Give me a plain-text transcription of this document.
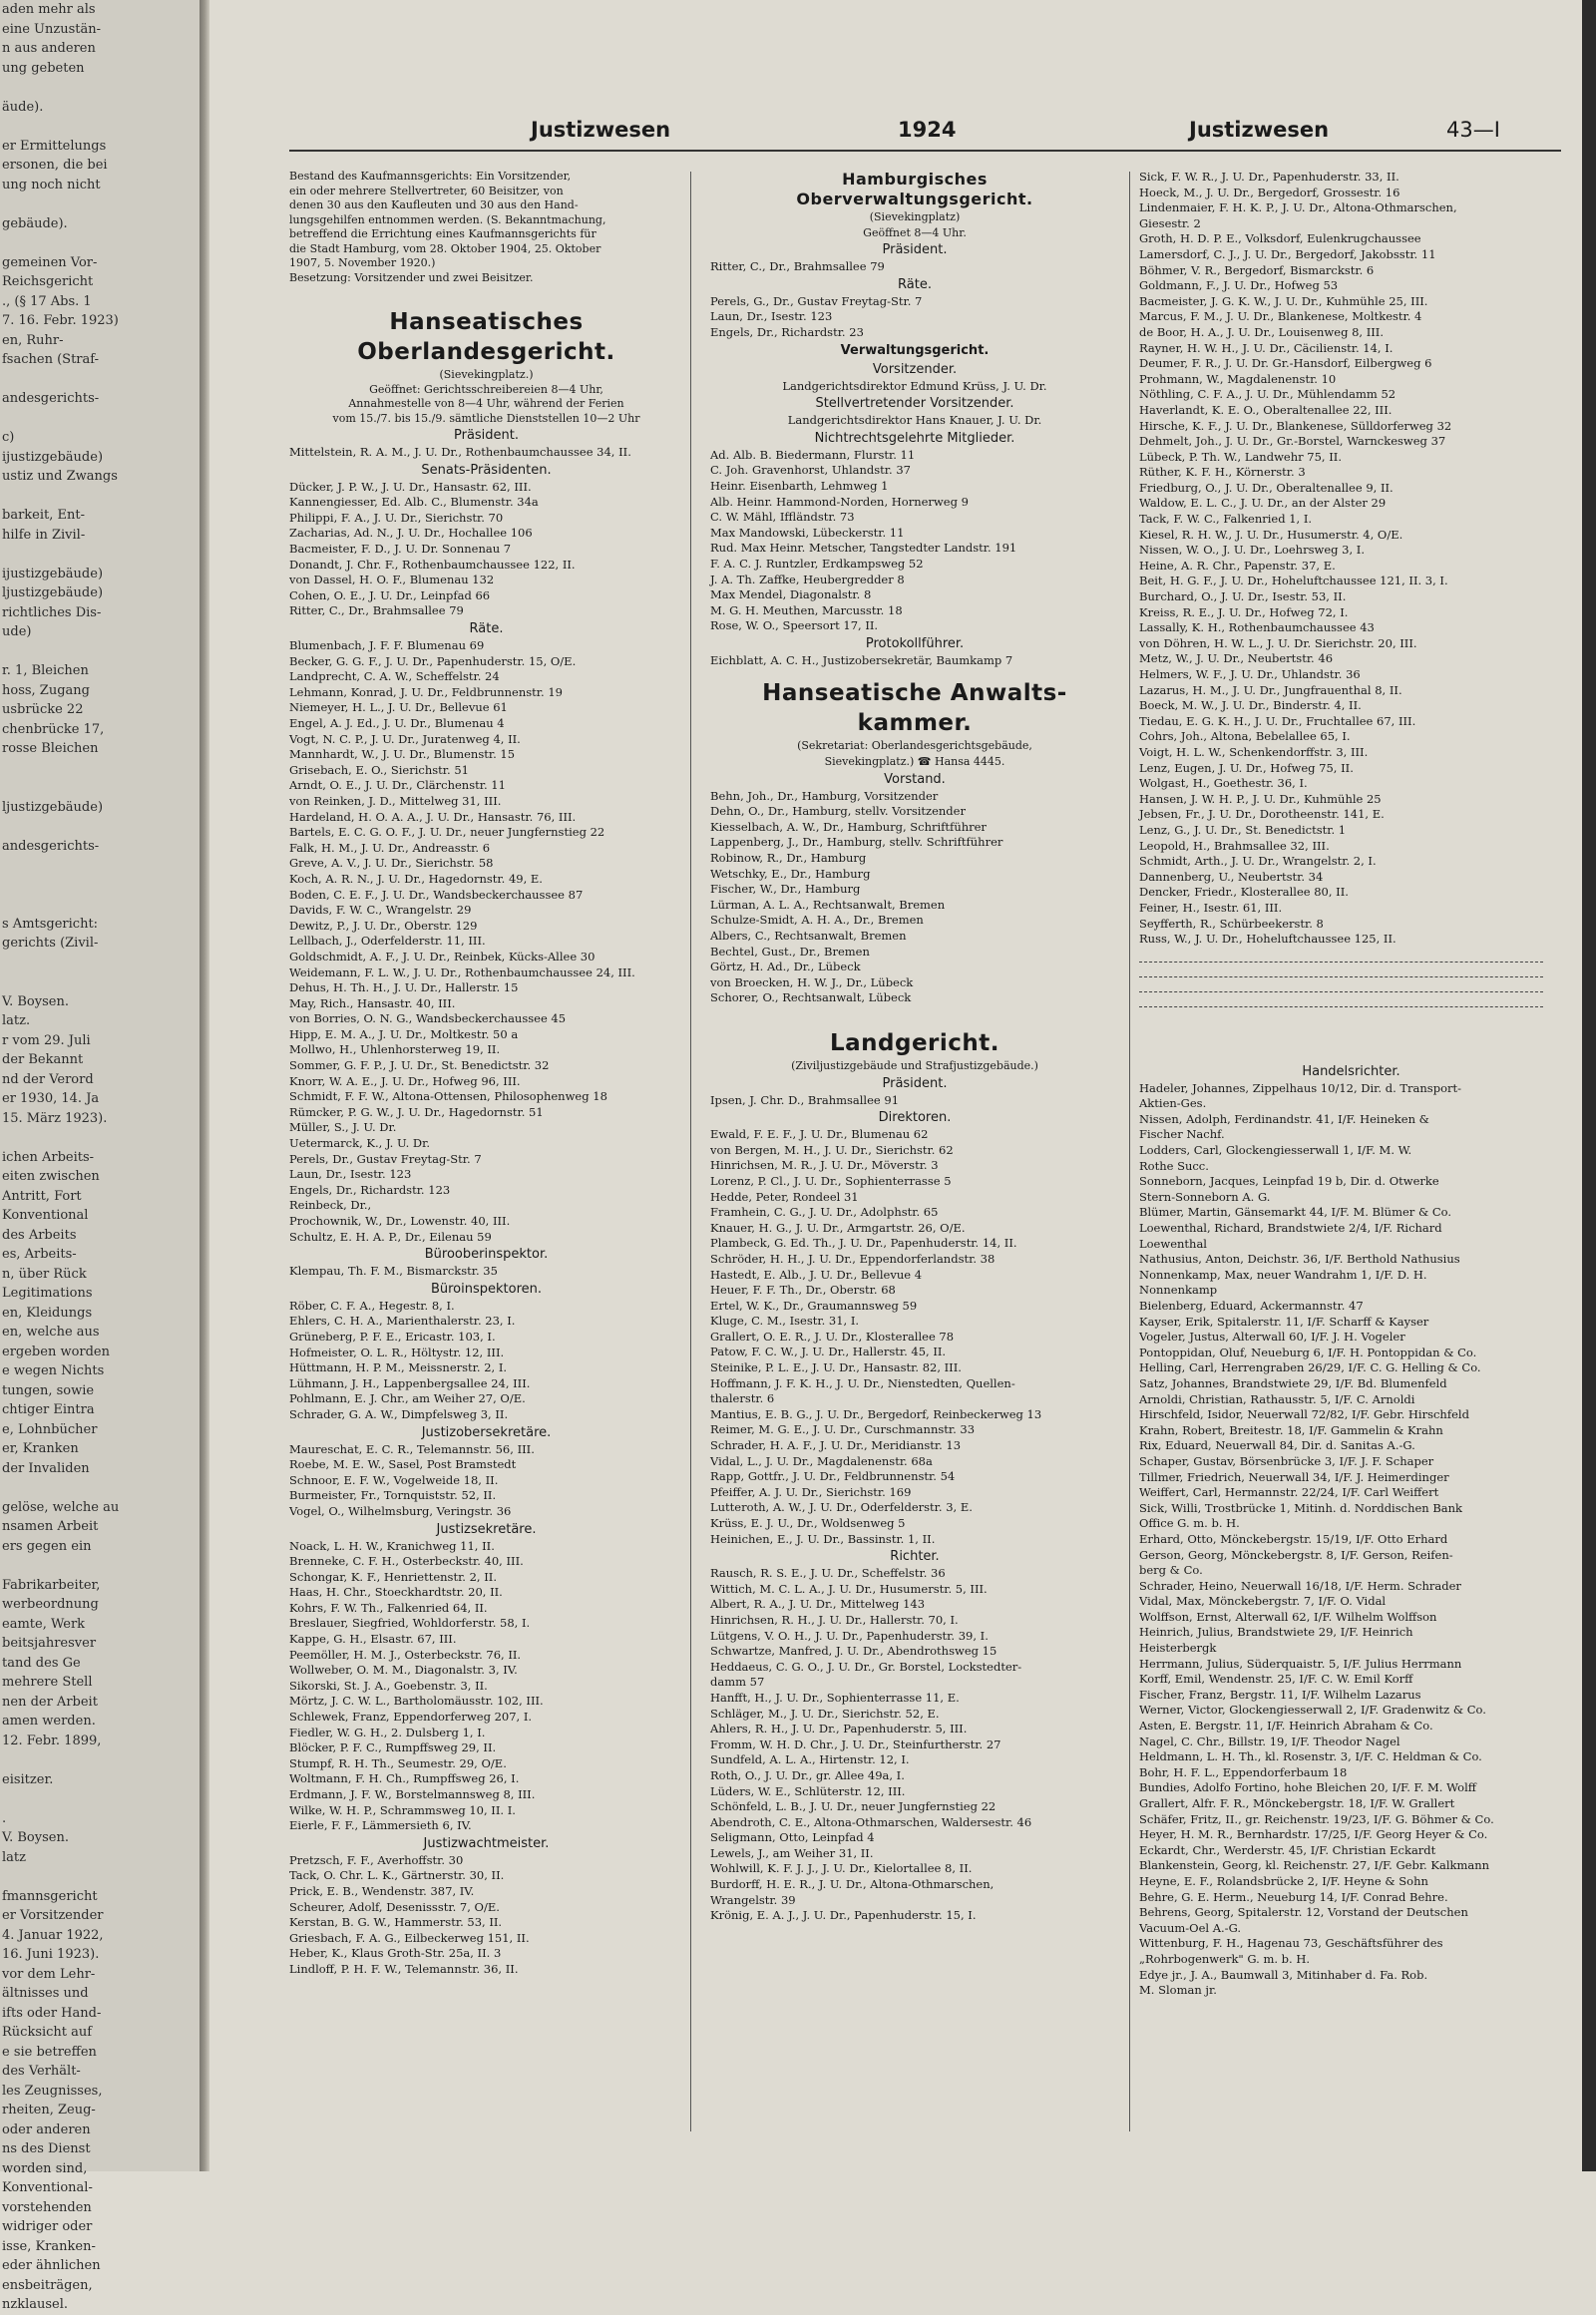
aden mehr als
eine Unzustän-
n aus anderen
ung gebeten

äude).

er Ermittelungs
ersonen, die bei
ung noch nicht

gebäude).

gemeinen Vor-
Reichsgericht
., (§ 17 Abs. 1
7. 16. Febr. 1923)
en, Ruhr-
fsachen (Straf-

andesgerichts-

c)
ijustizgebäude)
ustiz und Zwangs

barkeit, Ent-
hilfe in Zivil-

ijustizgebäude)
ljustizgebäude)
richtliches Dis-
ude)

r. 1, Bleichen
hoss, Zugang
usbrücke 22
chenbrücke 17,
rosse Bleichen

ljustizgebäude)

andesgerichts-

s Amtsgericht:
gerichts (Zivil-

V. Boysen.
latz.
r vom 29. Juli
der Bekannt
nd der Verord
er 1930, 14. Ja
15. März 1923).

ichen Arbeits-
eiten zwischen
Antritt, Fort
Konventional
des Arbeits
es, Arbeits-
n, über Rück
Legitimations
en, Kleidungs
en, welche aus
ergeben worden
e wegen Nichts
tungen, sowie
chtiger Eintra
e, Lohnbücher
er, Kranken
der Invaliden

gelöse, welche au
nsamen Arbeit
ers gegen ein

Fabrikarbeiter,
werbeordnung
eamte, Werk
beitsjahresver
tand des Ge
mehrere Stell
nen der Arbeit
amen werden.
12. Febr. 1899,

eisitzer.

.
V. Boysen.
latz

fmannsgericht
er Vorsitzender
4. Januar 1922,
16. Juni 1923).
vor dem Lehr-
ältnisses und
ifts oder Hand-
Rücksicht auf
e sie betreffen
des Verhält-
les Zeugnisses,
rheiten, Zeug-
oder anderen
ns des Dienst
worden sind,
Konventional-
vorstehenden
widriger oder
isse, Kranken-
eder ähnlichen
ensbeiträgen,
nzklausel.
Justizwesen	1924	Justizwesen	43—I
Bestand des Kaufmannsgerichts: Ein Vorsitzender,
ein oder mehrere Stellvertreter, 60 Beisitzer, von
denen 30 aus den Kaufleuten und 30 aus den Hand-
lungsgehilfen entnommen werden. (S. Bekanntmachung,
betreffend die Errichtung eines Kaufmannsgerichts für
die Stadt Hamburg, vom 28. Oktober 1904, 25. Oktober
1907, 5. November 1920.)
Besetzung: Vorsitzender und zwei Beisitzer.
Hanseatisches
Oberlandesgericht.
(Sievekingplatz.)
Geöffnet: Gerichtsschreibereien 8—4 Uhr,
Annahmestelle von 8—4 Uhr, während der Ferien
vom 15./7. bis 15./9. sämtliche Dienststellen 10—2 Uhr
Präsident.
Mittelstein, R. A. M., J. U. Dr., Rothenbaumchaussee 34, II.
Senats-Präsidenten.
Dücker, J. P. W., J. U. Dr., Hansastr. 62, III.
Kannengiesser, Ed. Alb. C., Blumenstr. 34a
Philippi, F. A., J. U. Dr., Sierichstr. 70
Zacharias, Ad. N., J. U. Dr., Hochallee 106
Bacmeister, F. D., J. U. Dr. Sonnenau 7
Donandt, J. Chr. F., Rothenbaumchaussee 122, II.
von Dassel, H. O. F., Blumenau 132
Cohen, O. E., J. U. Dr., Leinpfad 66
Ritter, C., Dr., Brahmsallee 79
Räte.
Blumenbach, J. F. F. Blumenau 69
Becker, G. G. F., J. U. Dr., Papenhuderstr. 15, O/E.
Landprecht, C. A. W., Scheffelstr. 24
Lehmann, Konrad, J. U. Dr., Feldbrunnenstr. 19
Niemeyer, H. L., J. U. Dr., Bellevue 61
Engel, A. J. Ed., J. U. Dr., Blumenau 4
Vogt, N. C. P., J. U. Dr., Juratenweg 4, II.
Mannhardt, W., J. U. Dr., Blumenstr. 15
Grisebach, E. O., Sierichstr. 51
Arndt, O. E., J. U. Dr., Clärchenstr. 11
von Reinken, J. D., Mittelweg 31, III.
Hardeland, H. O. A. A., J. U. Dr., Hansastr. 76, III.
Bartels, E. C. G. O. F., J. U. Dr., neuer Jungfernstieg 22
Falk, H. M., J. U. Dr., Andreasstr. 6
Greve, A. V., J. U. Dr., Sierichstr. 58
Koch, A. R. N., J. U. Dr., Hagedornstr. 49, E.
Boden, C. E. F., J. U. Dr., Wandsbeckerchaussee 87
Davids, F. W. C., Wrangelstr. 29
Dewitz, P., J. U. Dr., Oberstr. 129
Lellbach, J., Oderfelderstr. 11, III.
Goldschmidt, A. F., J. U. Dr., Reinbek, Kücks-Allee 30
Weidemann, F. L. W., J. U. Dr., Rothenbaumchaussee 24, III.
Dehus, H. Th. H., J. U. Dr., Hallerstr. 15
May, Rich., Hansastr. 40, III.
von Borries, O. N. G., Wandsbeckerchaussee 45
Hipp, E. M. A., J. U. Dr., Moltkestr. 50 a
Mollwo, H., Uhlenhorsterweg 19, II.
Sommer, G. F. P., J. U. Dr., St. Benedictstr. 32
Knorr, W. A. E., J. U. Dr., Hofweg 96, III.
Schmidt, F. F. W., Altona-Ottensen, Philosophenweg 18
Rümcker, P. G. W., J. U. Dr., Hagedornstr. 51
Müller, S., J. U. Dr.
Uetermarck, K., J. U. Dr.
Perels, Dr., Gustav Freytag-Str. 7
Laun, Dr., Isestr. 123
Engels, Dr., Richardstr. 123
Reinbeck, Dr.,
Prochownik, W., Dr., Lowenstr. 40, III.
Schultz, E. H. A. P., Dr., Eilenau 59
Bürooberinspektor.
Klempau, Th. F. M., Bismarckstr. 35
Büroinspektoren.
Röber, C. F. A., Hegestr. 8, I.
Ehlers, C. H. A., Marienthalerstr. 23, I.
Grüneberg, P. F. E., Ericastr. 103, I.
Hofmeister, O. L. R., Höltystr. 12, III.
Hüttmann, H. P. M., Meissnerstr. 2, I.
Lühmann, J. H., Lappenbergsallee 24, III.
Pohlmann, E. J. Chr., am Weiher 27, O/E.
Schrader, G. A. W., Dimpfelsweg 3, II.
Justizobersekretäre.
Maureschat, E. C. R., Telemannstr. 56, III.
Roebe, M. E. W., Sasel, Post Bramstedt
Schnoor, E. F. W., Vogelweide 18, II.
Burmeister, Fr., Tornquiststr. 52, II.
Vogel, O., Wilhelmsburg, Veringstr. 36
Justizsekretäre.
Noack, L. H. W., Kranichweg 11, II.
Brenneke, C. F. H., Osterbeckstr. 40, III.
Schongar, K. F., Henriettenstr. 2, II.
Haas, H. Chr., Stoeckhardtstr. 20, II.
Kohrs, F. W. Th., Falkenried 64, II.
Breslauer, Siegfried, Wohldorferstr. 58, I.
Kappe, G. H., Elsastr. 67, III.
Peemöller, H. M. J., Osterbeckstr. 76, II.
Wollweber, O. M. M., Diagonalstr. 3, IV.
Sikorski, St. J. A., Goebenstr. 3, II.
Mörtz, J. C. W. L., Bartholomäusstr. 102, III.
Schlewek, Franz, Eppendorferweg 207, I.
Fiedler, W. G. H., 2. Dulsberg 1, I.
Blöcker, P. F. C., Rumpffsweg 29, II.
Stumpf, R. H. Th., Seumestr. 29, O/E.
Woltmann, F. H. Ch., Rumpffsweg 26, I.
Erdmann, J. F. W., Borstelmannsweg 8, III.
Wilke, W. H. P., Schrammsweg 10, II. I.
Eierle, F. F., Lämmersieth 6, IV.
Justizwachtmeister.
Pretzsch, F. F., Averhoffstr. 30
Tack, O. Chr. L. K., Gärtnerstr. 30, II.
Prick, E. B., Wendenstr. 387, IV.
Scheurer, Adolf, Desenissstr. 7, O/E.
Kerstan, B. G. W., Hammerstr. 53, II.
Griesbach, F. A. G., Eilbeckerweg 151, II.
Heber, K., Klaus Groth-Str. 25a, II. 3
Lindloff, P. H. F. W., Telemannstr. 36, II.
Hamburgisches
Oberverwaltungsgericht.
(Sievekingplatz)
Geöffnet 8—4 Uhr.
Präsident.
Ritter, C., Dr., Brahmsallee 79
Räte.
Perels, G., Dr., Gustav Freytag-Str. 7
Laun, Dr., Isestr. 123
Engels, Dr., Richardstr. 23
Verwaltungsgericht.
Vorsitzender.
Landgerichtsdirektor Edmund Krüss, J. U. Dr.
Stellvertretender Vorsitzender.
Landgerichtsdirektor Hans Knauer, J. U. Dr.
Nichtrechtsgelehrte Mitglieder.
Ad. Alb. B. Biedermann, Flurstr. 11
C. Joh. Gravenhorst, Uhlandstr. 37
Heinr. Eisenbarth, Lehmweg 1
Alb. Heinr. Hammond-Norden, Hornerweg 9
C. W. Mähl, Iffländstr. 73
Max Mandowski, Lübeckerstr. 11
Rud. Max Heinr. Metscher, Tangstedter Landstr. 191
F. A. C. J. Runtzler, Erdkampsweg 52
J. A. Th. Zaffke, Heubergredder 8
Max Mendel, Diagonalstr. 8
M. G. H. Meuthen, Marcusstr. 18
Rose, W. O., Speersort 17, II.
Protokollführer.
Eichblatt, A. C. H., Justizobersekretär, Baumkamp 7
Hanseatische Anwalts-
kammer.
(Sekretariat: Oberlandesgerichtsgebäude,
Sievekingplatz.) ☎ Hansa 4445.
Vorstand.
Behn, Joh., Dr., Hamburg, Vorsitzender
Dehn, O., Dr., Hamburg, stellv. Vorsitzender
Kiesselbach, A. W., Dr., Hamburg, Schriftführer
Lappenberg, J., Dr., Hamburg, stellv. Schriftführer
Robinow, R., Dr., Hamburg
Wetschky, E., Dr., Hamburg
Fischer, W., Dr., Hamburg
Lürman, A. L. A., Rechtsanwalt, Bremen
Schulze-Smidt, A. H. A., Dr., Bremen
Albers, C., Rechtsanwalt, Bremen
Bechtel, Gust., Dr., Bremen
Görtz, H. Ad., Dr., Lübeck
von Broecken, H. W. J., Dr., Lübeck
Schorer, O., Rechtsanwalt, Lübeck
Landgericht.
(Ziviljustizgebäude und Strafjustizgebäude.)
Präsident.
Ipsen, J. Chr. D., Brahmsallee 91
Direktoren.
Ewald, F. E. F., J. U. Dr., Blumenau 62
von Bergen, M. H., J. U. Dr., Sierichstr. 62
Hinrichsen, M. R., J. U. Dr., Möverstr. 3
Lorenz, P. Cl., J. U. Dr., Sophienterrasse 5
Hedde, Peter, Rondeel 31
Framhein, C. G., J. U. Dr., Adolphstr. 65
Knauer, H. G., J. U. Dr., Armgartstr. 26, O/E.
Plambeck, G. Ed. Th., J. U. Dr., Papenhuderstr. 14, II.
Schröder, H. H., J. U. Dr., Eppendorferlandstr. 38
Hastedt, E. Alb., J. U. Dr., Bellevue 4
Heuer, F. F. Th., Dr., Oberstr. 68
Ertel, W. K., Dr., Graumannsweg 59
Kluge, C. M., Isestr. 31, I.
Grallert, O. E. R., J. U. Dr., Klosterallee 78
Patow, F. C. W., J. U. Dr., Hallerstr. 45, II.
Steinike, P. L. E., J. U. Dr., Hansastr. 82, III.
Hoffmann, J. F. K. H., J. U. Dr., Nienstedten, Quellen-
thalerstr. 6
Mantius, E. B. G., J. U. Dr., Bergedorf, Reinbeckerweg 13
Reimer, M. G. E., J. U. Dr., Curschmannstr. 33
Schrader, H. A. F., J. U. Dr., Meridianstr. 13
Vidal, L., J. U. Dr., Magdalenenstr. 68a
Rapp, Gottfr., J. U. Dr., Feldbrunnenstr. 54
Pfeiffer, A. J. U. Dr., Sierichstr. 169
Lutteroth, A. W., J. U. Dr., Oderfelderstr. 3, E.
Krüss, E. J. U., Dr., Woldsenweg 5
Heinichen, E., J. U. Dr., Bassinstr. 1, II.
Richter.
Rausch, R. S. E., J. U. Dr., Scheffelstr. 36
Wittich, M. C. L. A., J. U. Dr., Husumerstr. 5, III.
Albert, R. A., J. U. Dr., Mittelweg 143
Hinrichsen, R. H., J. U. Dr., Hallerstr. 70, I.
Lütgens, V. O. H., J. U. Dr., Papenhuderstr. 39, I.
Schwartze, Manfred, J. U. Dr., Abendrothsweg 15
Heddaeus, C. G. O., J. U. Dr., Gr. Borstel, Lockstedter-
damm 57
Hanfft, H., J. U. Dr., Sophienterrasse 11, E.
Schläger, M., J. U. Dr., Sierichstr. 52, E.
Ahlers, R. H., J. U. Dr., Papenhuderstr. 5, III.
Fromm, W. H. D. Chr., J. U. Dr., Steinfurtherstr. 27
Sundfeld, A. L. A., Hirtenstr. 12, I.
Roth, O., J. U. Dr., gr. Allee 49a, I.
Lüders, W. E., Schlüterstr. 12, III.
Schönfeld, L. B., J. U. Dr., neuer Jungfernstieg 22
Abendroth, C. E., Altona-Othmarschen, Waldersestr. 46
Seligmann, Otto, Leinpfad 4
Lewels, J., am Weiher 31, II.
Wohlwill, K. F. J. J., J. U. Dr., Kielortallee 8, II.
Burdorff, H. E. R., J. U. Dr., Altona-Othmarschen,
Wrangelstr. 39
Krönig, E. A. J., J. U. Dr., Papenhuderstr. 15, I.
Sick, F. W. R., J. U. Dr., Papenhuderstr. 33, II.
Hoeck, M., J. U. Dr., Bergedorf, Grossestr. 16
Lindenmaier, F. H. K. P., J. U. Dr., Altona-Othmarschen,
Giesestr. 2
Groth, H. D. P. E., Volksdorf, Eulenkrugchaussee
Lamersdorf, C. J., J. U. Dr., Bergedorf, Jakobsstr. 11
Böhmer, V. R., Bergedorf, Bismarckstr. 6
Goldmann, F., J. U. Dr., Hofweg 53
Bacmeister, J. G. K. W., J. U. Dr., Kuhmühle 25, III.
Marcus, F. M., J. U. Dr., Blankenese, Moltkestr. 4
de Boor, H. A., J. U. Dr., Louisenweg 8, III.
Rayner, H. W. H., J. U. Dr., Cäcilienstr. 14, I.
Deumer, F. R., J. U. Dr. Gr.-Hansdorf, Eilbergweg 6
Prohmann, W., Magdalenenstr. 10
Nöthling, C. F. A., J. U. Dr., Mühlendamm 52
Haverlandt, K. E. O., Oberaltenallee 22, III.
Hirsche, K. F., J. U. Dr., Blankenese, Sülldorferweg 32
Dehmelt, Joh., J. U. Dr., Gr.-Borstel, Warnckesweg 37
Lübeck, P. Th. W., Landwehr 75, II.
Rüther, K. F. H., Körnerstr. 3
Friedburg, O., J. U. Dr., Oberaltenallee 9, II.
Waldow, E. L. C., J. U. Dr., an der Alster 29
Tack, F. W. C., Falkenried 1, I.
Kiesel, R. H. W., J. U. Dr., Husumerstr. 4, O/E.
Nissen, W. O., J. U. Dr., Loehrsweg 3, I.
Heine, A. R. Chr., Papenstr. 37, E.
Beit, H. G. F., J. U. Dr., Hoheluftchaussee 121, II. 3, I.
Burchard, O., J. U. Dr., Isestr. 53, II.
Kreiss, R. E., J. U. Dr., Hofweg 72, I.
Lassally, K. H., Rothenbaumchaussee 43
von Döhren, H. W. L., J. U. Dr. Sierichstr. 20, III.
Metz, W., J. U. Dr., Neubertstr. 46
Helmers, W. F., J. U. Dr., Uhlandstr. 36
Lazarus, H. M., J. U. Dr., Jungfrauenthal 8, II.
Boeck, M. W., J. U. Dr., Binderstr. 4, II.
Tiedau, E. G. K. H., J. U. Dr., Fruchtallee 67, III.
Cohrs, Joh., Altona, Bebelallee 65, I.
Voigt, H. L. W., Schenkendorffstr. 3, III.
Lenz, Eugen, J. U. Dr., Hofweg 75, II.
Wolgast, H., Goethestr. 36, I.
Hansen, J. W. H. P., J. U. Dr., Kuhmühle 25
Jebsen, Fr., J. U. Dr., Dorotheenstr. 141, E.
Lenz, G., J. U. Dr., St. Benedictstr. 1
Leopold, H., Brahmsallee 32, III.
Schmidt, Arth., J. U. Dr., Wrangelstr. 2, I.
Dannenberg, U., Neubertstr. 34
Dencker, Friedr., Klosterallee 80, II.
Feiner, H., Isestr. 61, III.
Seyfferth, R., Schürbeekerstr. 8
Russ, W., J. U. Dr., Hoheluftchaussee 125, II.
Handelsrichter.
Hadeler, Johannes, Zippelhaus 10/12, Dir. d. Transport-
Aktien-Ges.
Nissen, Adolph, Ferdinandstr. 41, I/F. Heineken &
Fischer Nachf.
Lodders, Carl, Glockengiesserwall 1, I/F. M. W.
Rothe Succ.
Sonneborn, Jacques, Leinpfad 19 b, Dir. d. Otwerke
Stern-Sonneborn A. G.
Blümer, Martin, Gänsemarkt 44, I/F. M. Blümer & Co.
Loewenthal, Richard, Brandstwiete 2/4, I/F. Richard
Loewenthal
Nathusius, Anton, Deichstr. 36, I/F. Berthold Nathusius
Nonnenkamp, Max, neuer Wandrahm 1, I/F. D. H.
Nonnenkamp
Bielenberg, Eduard, Ackermannstr. 47
Kayser, Erik, Spitalerstr. 11, I/F. Scharff & Kayser
Vogeler, Justus, Alterwall 60, I/F. J. H. Vogeler
Pontoppidan, Oluf, Neueburg 6, I/F. H. Pontoppidan & Co.
Helling, Carl, Herrengraben 26/29, I/F. C. G. Helling & Co.
Satz, Johannes, Brandstwiete 29, I/F. Bd. Blumenfeld
Arnoldi, Christian, Rathausstr. 5, I/F. C. Arnoldi
Hirschfeld, Isidor, Neuerwall 72/82, I/F. Gebr. Hirschfeld
Krahn, Robert, Breitestr. 18, I/F. Gammelin & Krahn
Rix, Eduard, Neuerwall 84, Dir. d. Sanitas A.-G.
Schaper, Gustav, Börsenbrücke 3, I/F. J. F. Schaper
Tillmer, Friedrich, Neuerwall 34, I/F. J. Heimerdinger
Weiffert, Carl, Hermannstr. 22/24, I/F. Carl Weiffert
Sick, Willi, Trostbrücke 1, Mitinh. d. Norddischen Bank
Office G. m. b. H.
Erhard, Otto, Mönckebergstr. 15/19, I/F. Otto Erhard
Gerson, Georg, Mönckebergstr. 8, I/F. Gerson, Reifen-
berg & Co.
Schrader, Heino, Neuerwall 16/18, I/F. Herm. Schrader
Vidal, Max, Mönckebergstr. 7, I/F. O. Vidal
Wolffson, Ernst, Alterwall 62, I/F. Wilhelm Wolffson
Heinrich, Julius, Brandstwiete 29, I/F. Heinrich
Heisterbergk
Herrmann, Julius, Süderquaistr. 5, I/F. Julius Herrmann
Korff, Emil, Wendenstr. 25, I/F. C. W. Emil Korff
Fischer, Franz, Bergstr. 11, I/F. Wilhelm Lazarus
Werner, Victor, Glockengiesserwall 2, I/F. Gradenwitz & Co.
Asten, E. Bergstr. 11, I/F. Heinrich Abraham & Co.
Nagel, C. Chr., Billstr. 19, I/F. Theodor Nagel
Heldmann, L. H. Th., kl. Rosenstr. 3, I/F. C. Heldman & Co.
Bohr, H. F. L., Eppendorferbaum 18
Bundies, Adolfo Fortino, hohe Bleichen 20, I/F. F. M. Wolff
Grallert, Alfr. F. R., Mönckebergstr. 18, I/F. W. Grallert
Schäfer, Fritz, II., gr. Reichenstr. 19/23, I/F. G. Böhmer & Co.
Heyer, H. M. R., Bernhardstr. 17/25, I/F. Georg Heyer & Co.
Eckardt, Chr., Werderstr. 45, I/F. Christian Eckardt
Blankenstein, Georg, kl. Reichenstr. 27, I/F. Gebr. Kalkmann
Heyne, E. F., Rolandsbrücke 2, I/F. Heyne & Sohn
Behre, G. E. Herm., Neueburg 14, I/F. Conrad Behre.
Behrens, Georg, Spitalerstr. 12, Vorstand der Deutschen
Vacuum-Oel A.-G.
Wittenburg, F. H., Hagenau 73, Geschäftsführer des
„Rohrbogenwerk" G. m. b. H.
Edye jr., J. A., Baumwall 3, Mitinhaber d. Fa. Rob.
M. Sloman jr.
